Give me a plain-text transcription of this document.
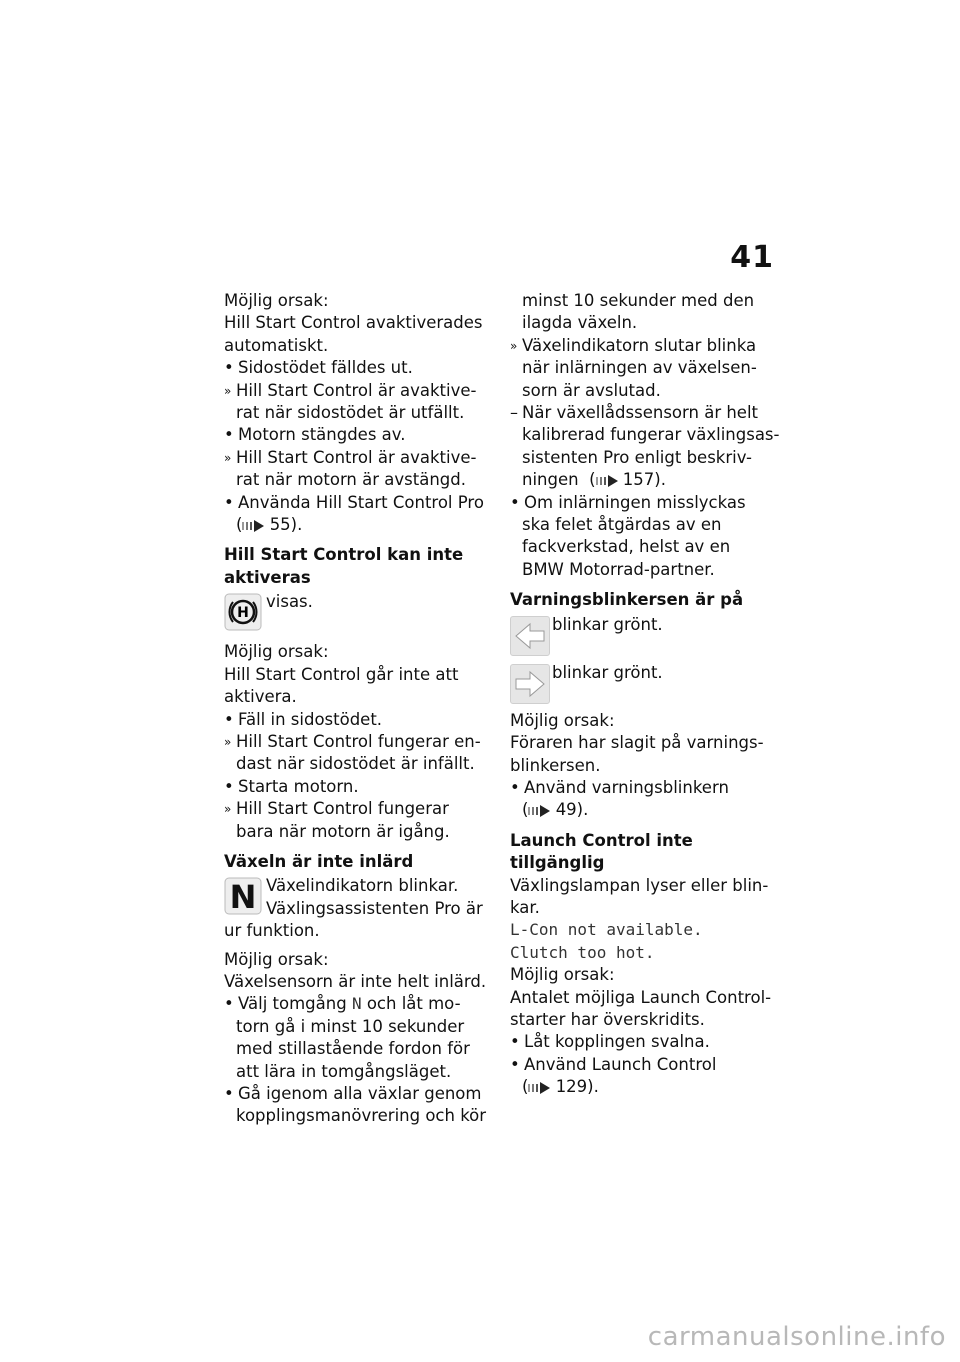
41

Möjlig orsak:

Hill Start Control avaktiverades automatiskt.

• Sidostödet fälldes ut.

» Hill Start Control är avaktive-

rat när sidostödet är utfällt.

• Motorn stängdes av.

» Hill Start Control är avaktive-

rat när motorn är avstängd.

• Använda Hill Start Control Pro

( 55).

Hill Start Control kan inte
aktiveras

H
visas.

Möjlig orsak:

Hill Start Control går inte att

aktivera.

• Fäll in sidostödet.

» Hill Start Control fungerar en-

dast när sidostödet är infällt.

• Starta motorn.

» Hill Start Control fungerar

bara när motorn är igång.

Växeln är inte inlärd

N Växelindikatorn blinkar.
Växlingsassistenten Pro är

ur funktion.

Möjlig orsak:

Växelsensorn är inte helt inlärd.

• Välj tomgång N och låt mo-

torn gå i minst 10 sekunder

med stillastående fordon för

att lära in tomgångsläget.

• Gå igenom alla växlar genom

kopplingsmanövrering och kör

minst 10 sekunder med den

ilagda växeln.

» Växelindikatorn slutar blinka

när inlärningen av växelsen-

sorn är avslutad.

– När växellådssensorn är helt

kalibrerad fungerar växlingsas-

sistenten Pro enligt beskriv-

ningen  ( 157).

• Om inlärningen misslyckas

ska felet åtgärdas av en

fackverkstad, helst av en

BMW Motorrad-partner.

Varningsblinkersen är på

blinkar grönt.
blinkar grönt.

Möjlig orsak:

Föraren har slagit på varnings-

blinkersen.

• Använd varningsblinkern

( 49).

Launch Control inte tillgänglig

Växlingslampan lyser eller blin-

kar.

L-Con not available.

Clutch too hot.

Möjlig orsak:

Antalet möjliga Launch Control-

starter har överskridits.

• Låt kopplingen svalna.

• Använd Launch Control

( 129).

carmanualsonline.info
